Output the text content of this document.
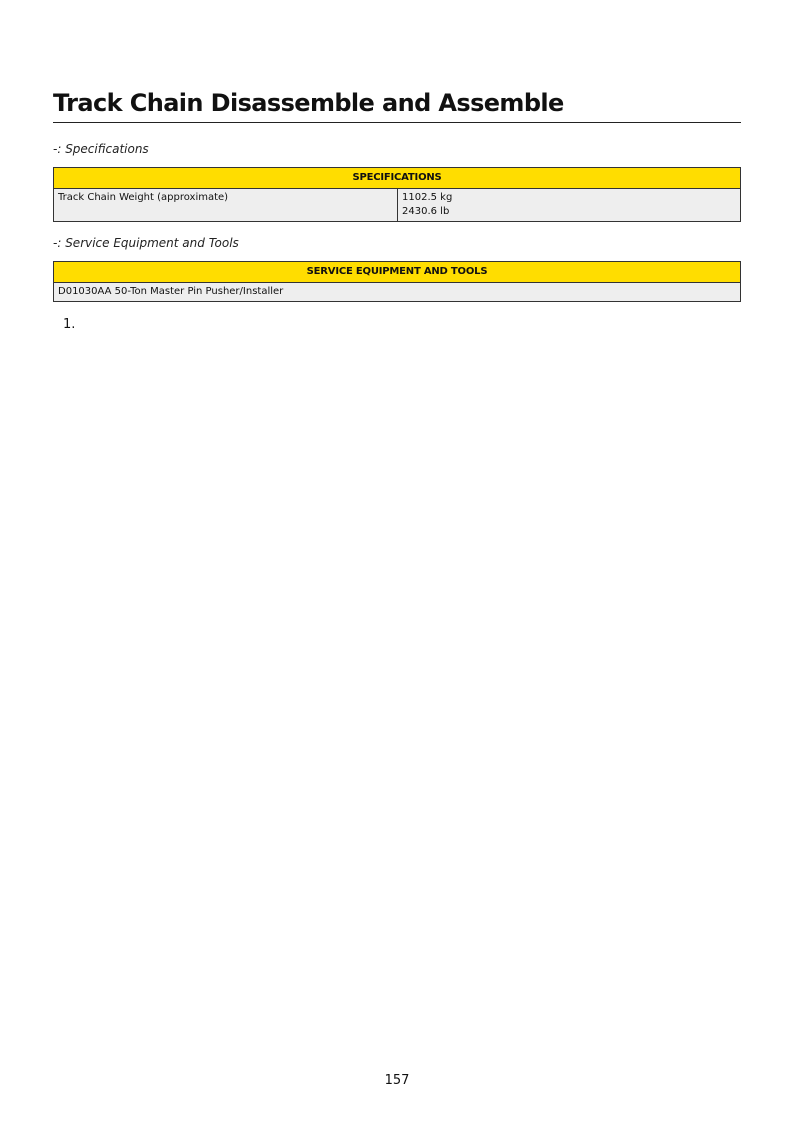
Track Chain Disassemble and Assemble
-: Specifications
SPECIFICATIONS
Track Chain Weight (approximate)	1102.5 kg
2430.6 lb
-: Service Equipment and Tools
SERVICE EQUIPMENT AND TOOLS
D01030AA 50-Ton Master Pin Pusher/Installer
1.
157
